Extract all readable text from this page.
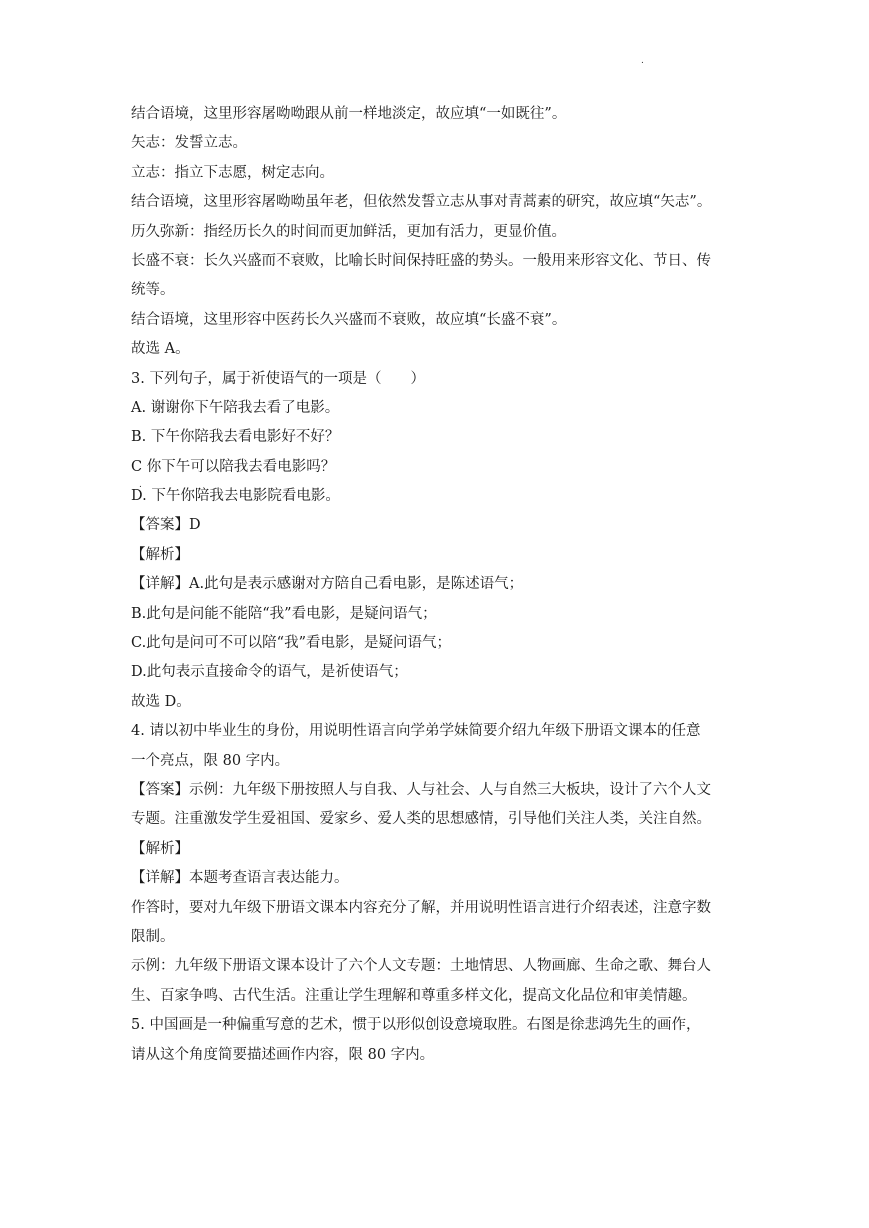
.
结合语境，这里形容屠呦呦跟从前一样地淡定，故应填“一如既往”。
矢志：发誓立志。
立志：指立下志愿，树定志向。
结合语境，这里形容屠呦呦虽年老，但依然发誓立志从事对青蒿素的研究，故应填“矢志”。
历久弥新：指经历长久的时间而更加鲜活，更加有活力，更显价值。
长盛不衰：长久兴盛而不衰败，比喻长时间保持旺盛的势头。一般用来形容文化、节日、传
统等。
结合语境，这里形容中医药长久兴盛而不衰败，故应填“长盛不衰”。
故选 A。
3. 下列句子，属于祈使语气的一项是（　　）
A. 谢谢你下午陪我去看了电影。
B. 下午你陪我去看电影好不好？
C 你下午可以陪我去看电影吗？
D. 下午你陪我去电影院看电影。
【答案】D
【解析】
【详解】A.此句是表示感谢对方陪自己看电影，是陈述语气；
B.此句是问能不能陪“我”看电影，是疑问语气；
C.此句是问可不可以陪“我”看电影，是疑问语气；
D.此句表示直接命令的语气，是祈使语气；
故选 D。
4. 请以初中毕业生的身份，用说明性语言向学弟学妹简要介绍九年级下册语文课本的任意
一个亮点，限 80 字内。
【答案】示例：九年级下册按照人与自我、人与社会、人与自然三大板块，设计了六个人文
专题。注重激发学生爱祖国、爱家乡、爱人类的思想感情，引导他们关注人类，关注自然。
【解析】
【详解】本题考查语言表达能力。
作答时，要对九年级下册语文课本内容充分了解，并用说明性语言进行介绍表述，注意字数
限制。
示例：九年级下册语文课本设计了六个人文专题：土地情思、人物画廊、生命之歌、舞台人
生、百家争鸣、古代生活。注重让学生理解和尊重多样文化，提高文化品位和审美情趣。
5. 中国画是一种偏重写意的艺术，惯于以形似创设意境取胜。右图是徐悲鸿先生的画作，
请从这个角度简要描述画作内容，限 80 字内。
.
